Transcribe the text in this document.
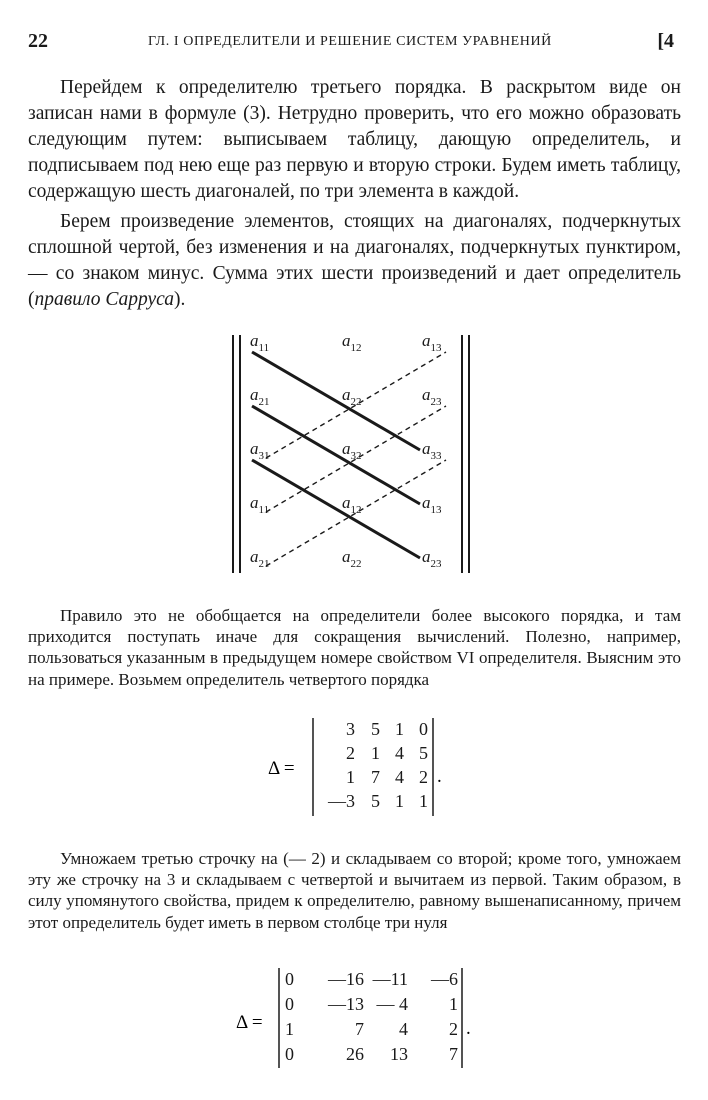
22	ГЛ. I ОПРЕДЕЛИТЕЛИ И РЕШЕНИЕ СИСТЕМ УРАВНЕНИЙ	[4

Перейдем к определителю третьего порядка. В раскрытом виде он записан нами в формуле (3). Нетрудно проверить, что его можно образовать следующим путем: выписываем таблицу, дающую определитель, и подписываем под нею еще раз первую и вторую строки. Будем иметь таблицу, содержащую шесть диагоналей, по три элемента в каждой.

Берем произведение элементов, стоящих на диагоналях, подчеркнутых сплошной чертой, без изменения и на диагоналях, подчеркнутых пунктиром, — со знаком минус. Сумма этих шести произведений и дает определитель (правило Сарруса).

$a_{11}$	$a_{12}$	$a_{13}$
$a_{21}$	$a_{22}$	$a_{23}$
$a_{31}$	$a_{32}$	$a_{33}$
$a_{11}$	$a_{12}$	$a_{13}$
$a_{21}$	$a_{22}$	$a_{23}$

Правило это не обобщается на определители более высокого порядка, и там приходится поступать иначе для сокращения вычислений. Полезно, например, пользоваться указанным в предыдущем номере свойством VI определителя. Выясним это на примере. Возьмем определитель четвертого порядка

Δ =
3 5 1 0
2 1 4 5
1 7 4 2
—3 5 1 1
.

Умножаем третью строчку на (— 2) и складываем со второй; кроме того, умножаем эту же строчку на 3 и складываем с четвертой и вычитаем из первой. Таким образом, в силу упомянутого свойства, придем к определителю, равному вышенаписанному, причем этот определитель будет иметь в первом столбце три нуля

Δ =
0 —16 —11 —6
0 —13 — 4 1
1	7 4 2
0	26 13 7
.
